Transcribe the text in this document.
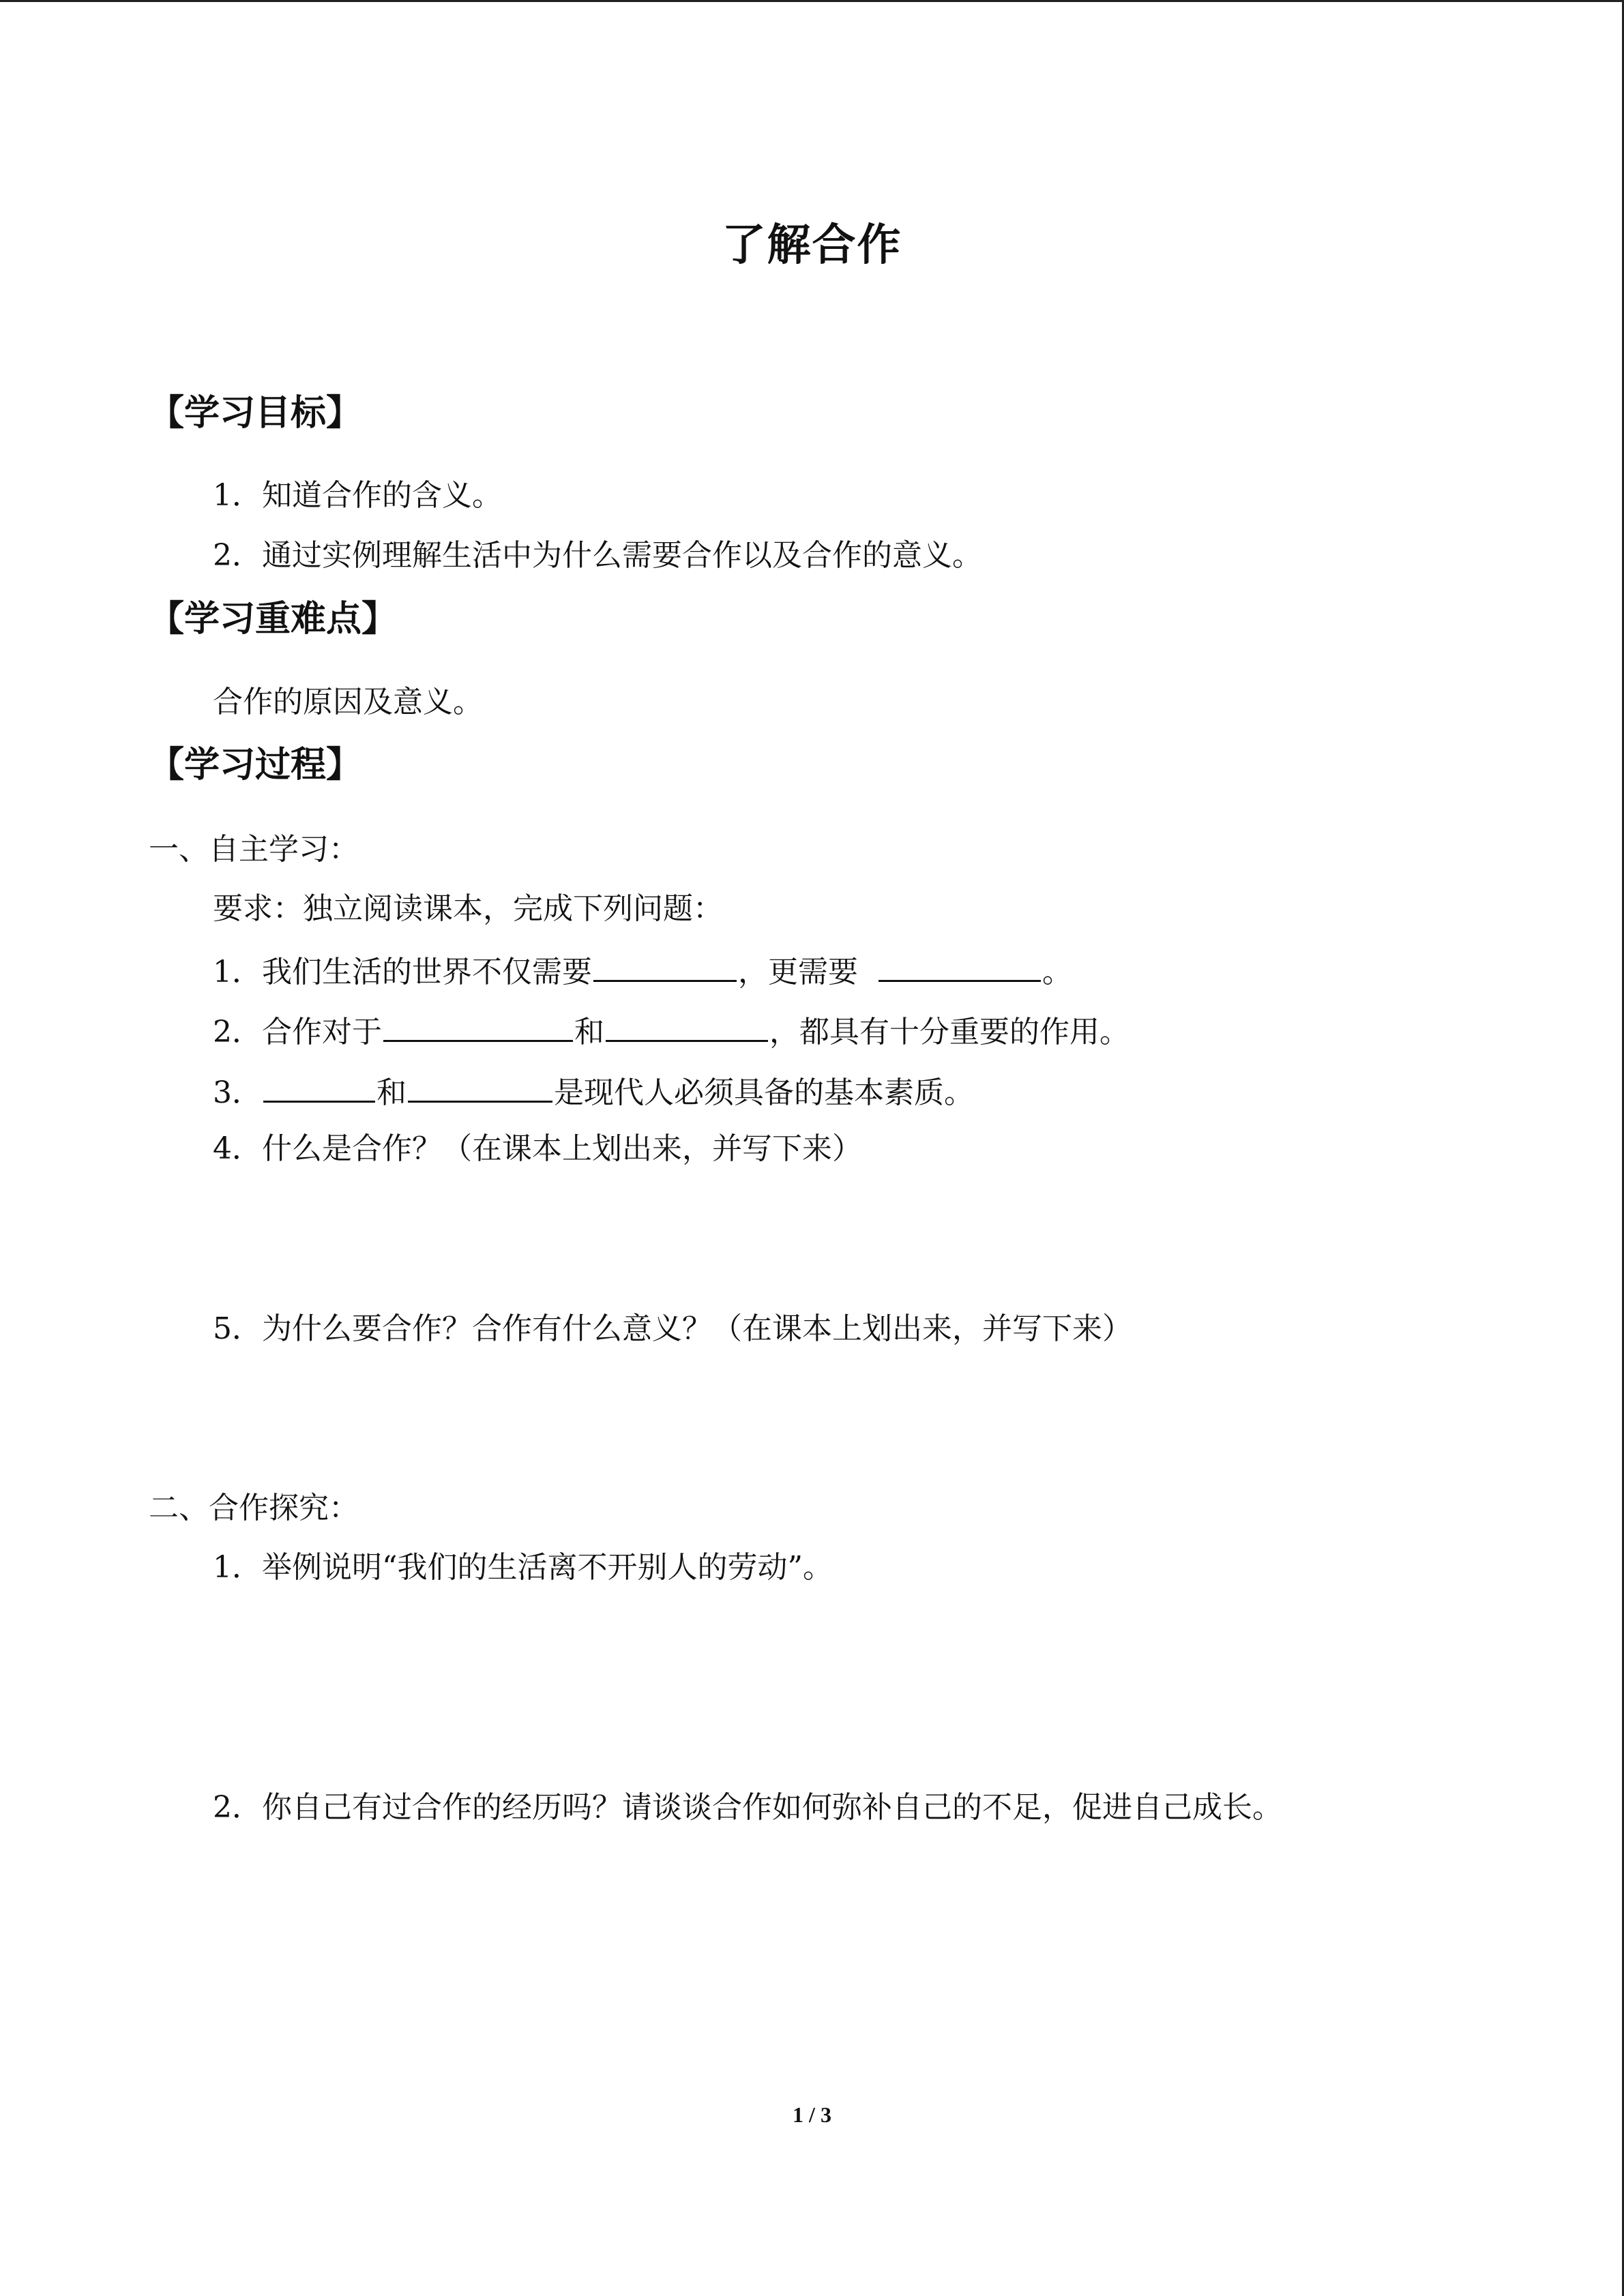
了解合作
【学习目标】
1．知道合作的含义。
2．通过实例理解生活中为什么需要合作以及合作的意义。
【学习重难点】
合作的原因及意义。
【学习过程】
一、自主学习：
要求：独立阅读课本，完成下列问题：
1．我们生活的世界不仅需要	，更需要	。
2．合作对于	和	，都具有十分重要的作用。
3．	和	是现代人必须具备的基本素质。
4．什么是合作？（在课本上划出来，并写下来）
5．为什么要合作？合作有什么意义？（在课本上划出来，并写下来）
二、合作探究：
1．举例说明“我们的生活离不开别人的劳动”。
2．你自己有过合作的经历吗？请谈谈合作如何弥补自己的不足，促进自己成长。
1 / 3
